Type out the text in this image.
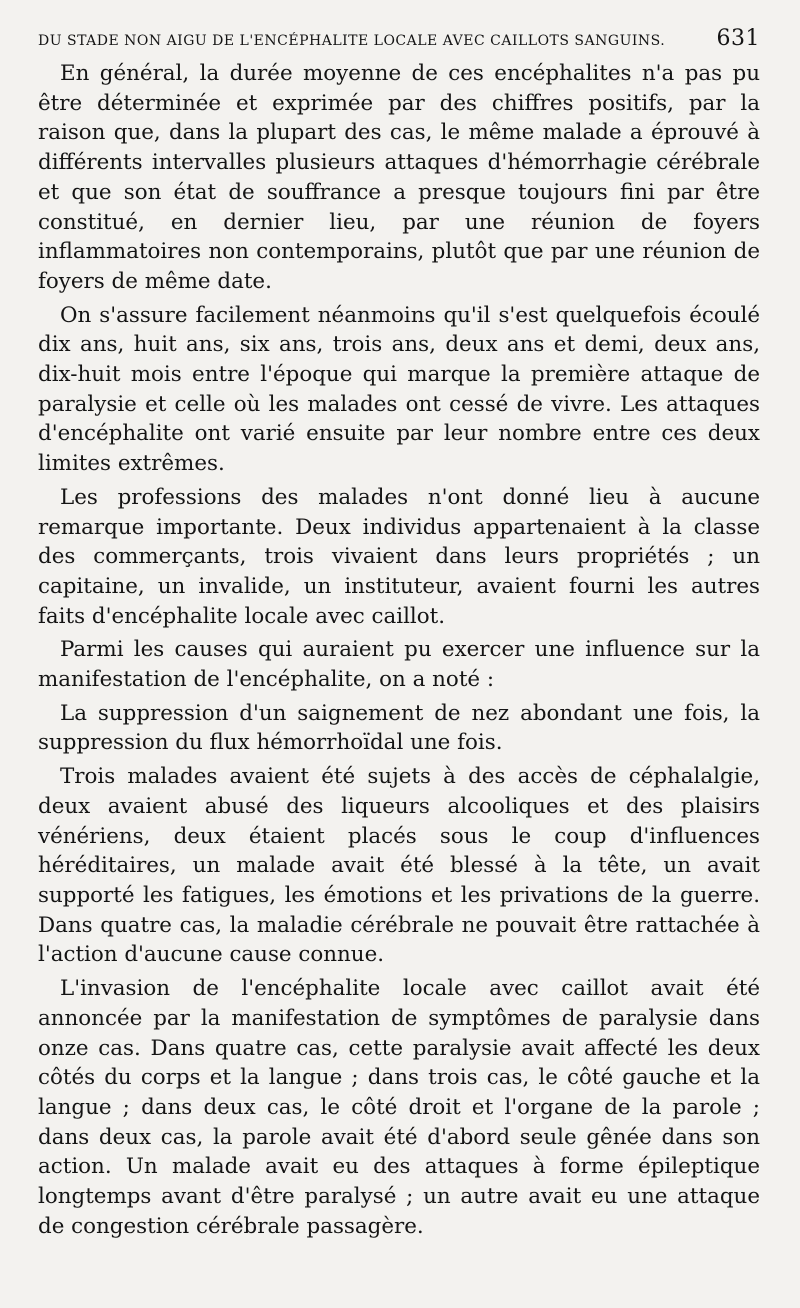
DU STADE NON AIGU DE L'ENCÉPHALITE LOCALE AVEC CAILLOTS SANGUINS. 631

En général, la durée moyenne de ces encéphalites n'a pas pu être déterminée et exprimée par des chiffres positifs, par la raison que, dans la plupart des cas, le même malade a éprouvé à différents intervalles plusieurs attaques d'hémorrhagie cérébrale et que son état de souffrance a presque toujours fini par être constitué, en dernier lieu, par une réunion de foyers inflammatoires non contemporains, plutôt que par une réunion de foyers de même date.

On s'assure facilement néanmoins qu'il s'est quelquefois écoulé dix ans, huit ans, six ans, trois ans, deux ans et demi, deux ans, dix-huit mois entre l'époque qui marque la première attaque de paralysie et celle où les malades ont cessé de vivre. Les attaques d'encéphalite ont varié ensuite par leur nombre entre ces deux limites extrêmes.

Les professions des malades n'ont donné lieu à aucune remarque importante. Deux individus appartenaient à la classe des commerçants, trois vivaient dans leurs propriétés ; un capitaine, un invalide, un instituteur, avaient fourni les autres faits d'encéphalite locale avec caillot.

Parmi les causes qui auraient pu exercer une influence sur la manifestation de l'encéphalite, on a noté :

La suppression d'un saignement de nez abondant une fois, la suppression du flux hémorrhoïdal une fois.

Trois malades avaient été sujets à des accès de céphalalgie, deux avaient abusé des liqueurs alcooliques et des plaisirs vénériens, deux étaient placés sous le coup d'influences héréditaires, un malade avait été blessé à la tête, un avait supporté les fatigues, les émotions et les privations de la guerre. Dans quatre cas, la maladie cérébrale ne pouvait être rattachée à l'action d'aucune cause connue.

L'invasion de l'encéphalite locale avec caillot avait été annoncée par la manifestation de symptômes de paralysie dans onze cas. Dans quatre cas, cette paralysie avait affecté les deux côtés du corps et la langue ; dans trois cas, le côté gauche et la langue ; dans deux cas, le côté droit et l'organe de la parole ; dans deux cas, la parole avait été d'abord seule gênée dans son action. Un malade avait eu des attaques à forme épileptique longtemps avant d'être paralysé ; un autre avait eu une attaque de congestion cérébrale passagère.
